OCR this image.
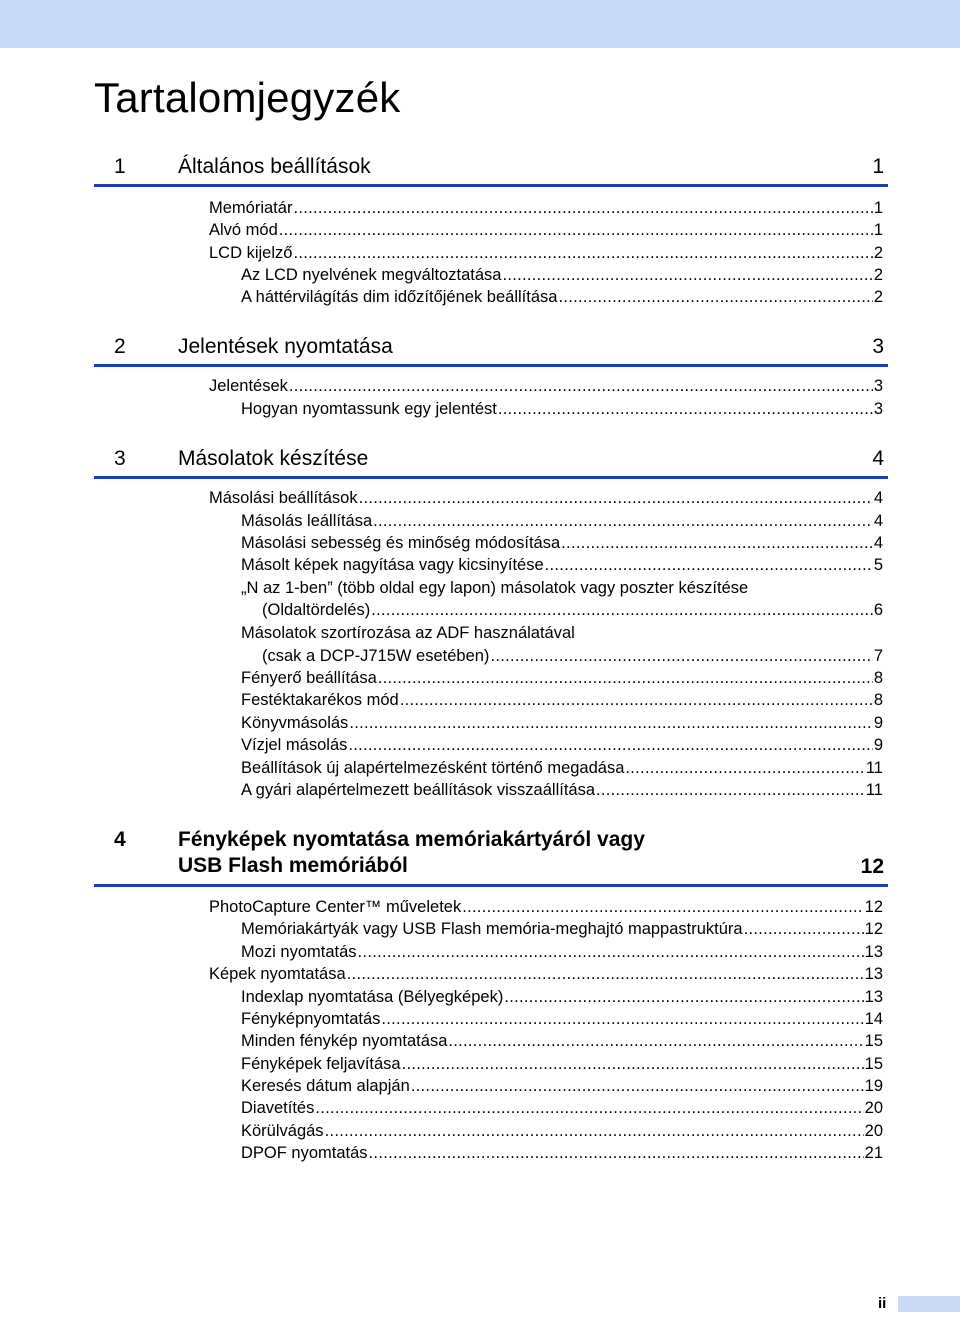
Tartalomjegyzék
1 Általános beállítások	1
Memóriatár .....	1
Alvó mód .....	1
LCD kijelző .....	2
Az LCD nyelvének megváltoztatása .....	2
A háttérvilágítás dim időzítőjének beállítása .....	2
2 Jelentések nyomtatása	3
Jelentések .....	3
Hogyan nyomtassunk egy jelentést .....	3
3 Másolatok készítése	4
Másolási beállítások .....	4
Másolás leállítása .....	4
Másolási sebesség és minőség módosítása .....	4
Másolt képek nagyítása vagy kicsinyítése .....	5
„N az 1-ben” (több oldal egy lapon) másolatok vagy poszter készítése
(Oldaltördelés) .....	6
Másolatok szortírozása az ADF használatával
(csak a DCP-J715W esetében) .....	7
Fényerő beállítása .....	8
Festéktakarékos mód .....	8
Könyvmásolás .....	9
Vízjel másolás .....	9
Beállítások új alapértelmezésként történő megadása .....	11
A gyári alapértelmezett beállítások visszaállítása .....	11
4 Fényképek nyomtatása memóriakártyáról vagy
USB Flash memóriából	12
PhotoCapture Center™ műveletek .....	12
Memóriakártyák vagy USB Flash memória-meghajtó mappastruktúra .....	12
Mozi nyomtatás .....	13
Képek nyomtatása .....	13
Indexlap nyomtatása (Bélyegképek) .....	13
Fényképnyomtatás .....	14
Minden fénykép nyomtatása .....	15
Fényképek feljavítása .....	15
Keresés dátum alapján .....	19
Diavetítés .....	20
Körülvágás .....	20
DPOF nyomtatás .....	21
ii
